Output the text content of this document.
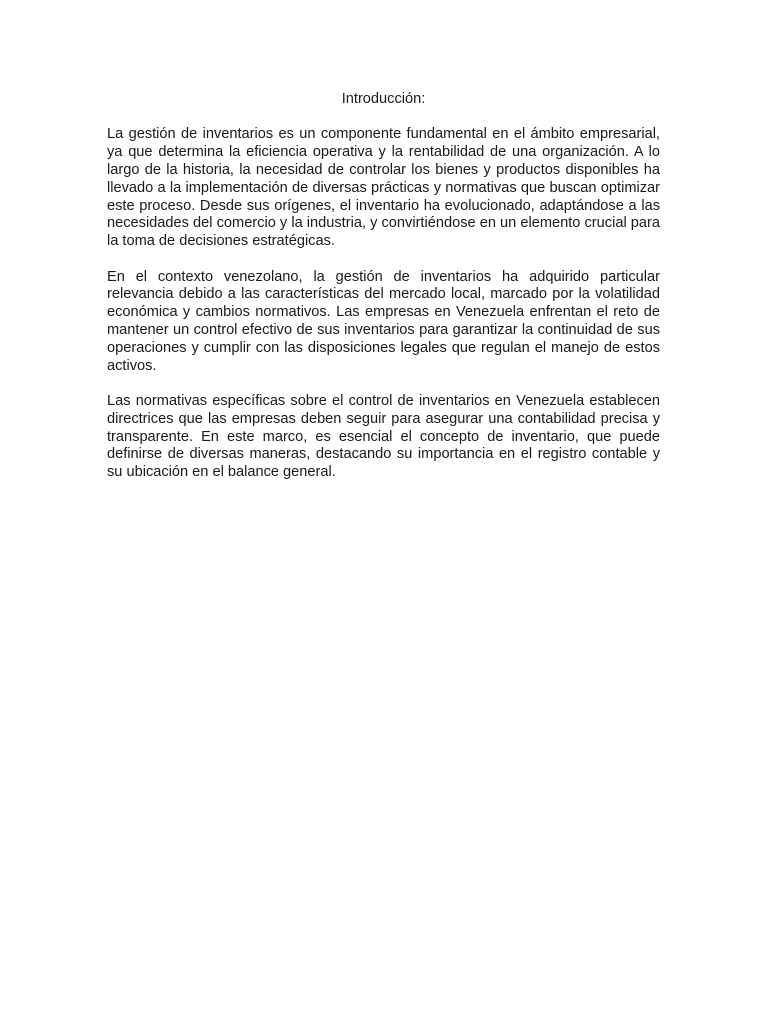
Introducción:

La gestión de inventarios es un componente fundamental en el ámbito empresarial, ya que determina la eficiencia operativa y la rentabilidad de una organización. A lo largo de la historia, la necesidad de controlar los bienes y productos disponibles ha llevado a la implementación de diversas prácticas y normativas que buscan optimizar este proceso. Desde sus orígenes, el inventario ha evolucionado, adaptándose a las necesidades del comercio y la industria, y convirtiéndose en un elemento crucial para la toma de decisiones estratégicas.

En el contexto venezolano, la gestión de inventarios ha adquirido particular relevancia debido a las características del mercado local, marcado por la volatilidad económica y cambios normativos. Las empresas en Venezuela enfrentan el reto de mantener un control efectivo de sus inventarios para garantizar la continuidad de sus operaciones y cumplir con las disposiciones legales que regulan el manejo de estos activos.

Las normativas específicas sobre el control de inventarios en Venezuela establecen directrices que las empresas deben seguir para asegurar una contabilidad precisa y transparente. En este marco, es esencial el concepto de inventario, que puede definirse de diversas maneras, destacando su importancia en el registro contable y su ubicación en el balance general.
